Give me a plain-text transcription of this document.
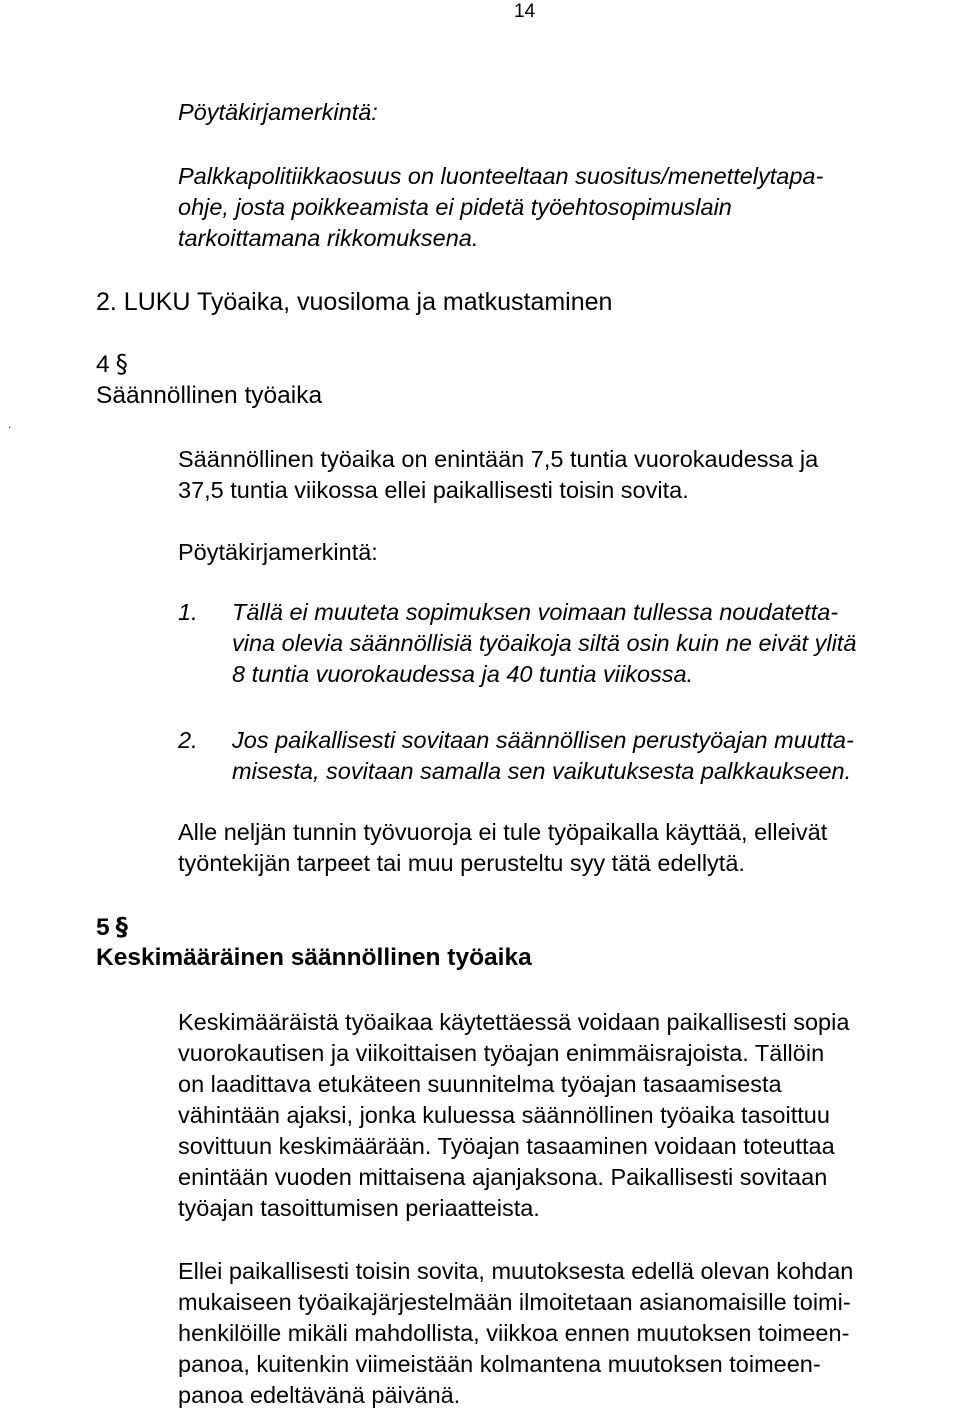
14
.
Pöytäkirjamerkintä:
Palkkapolitiikkaosuus on luonteeltaan suositus/menettelytapa-
ohje, josta poikkeamista ei pidetä työehtosopimuslain
tarkoittamana rikkomuksena.
2. LUKU Työaika, vuosiloma ja matkustaminen
4 §
Säännöllinen työaika
Säännöllinen työaika on enintään 7,5 tuntia vuorokaudessa ja
37,5 tuntia viikossa ellei paikallisesti toisin sovita.
Pöytäkirjamerkintä:
1. Tällä ei muuteta sopimuksen voimaan tullessa noudatetta-
vina olevia säännöllisiä työaikoja siltä osin kuin ne eivät ylitä
8 tuntia vuorokaudessa ja 40 tuntia viikossa.
2. Jos paikallisesti sovitaan säännöllisen perustyöajan muutta-
misesta, sovitaan samalla sen vaikutuksesta palkkaukseen.
Alle neljän tunnin työvuoroja ei tule työpaikalla käyttää, elleivät
työntekijän tarpeet tai muu perusteltu syy tätä edellytä.
5 §
Keskimääräinen säännöllinen työaika
Keskimääräistä työaikaa käytettäessä voidaan paikallisesti sopia
vuorokautisen ja viikoittaisen työajan enimmäisrajoista. Tällöin
on laadittava etukäteen suunnitelma työajan tasaamisesta
vähintään ajaksi, jonka kuluessa säännöllinen työaika tasoittuu
sovittuun keskimäärään. Työajan tasaaminen voidaan toteuttaa
enintään vuoden mittaisena ajanjaksona. Paikallisesti sovitaan
työajan tasoittumisen periaatteista.
Ellei paikallisesti toisin sovita, muutoksesta edellä olevan kohdan
mukaiseen työaikajärjestelmään ilmoitetaan asianomaisille toimi-
henkilöille mikäli mahdollista, viikkoa ennen muutoksen toimeen-
panoa, kuitenkin viimeistään kolmantena muutoksen toimeen-
panoa edeltävänä päivänä.
